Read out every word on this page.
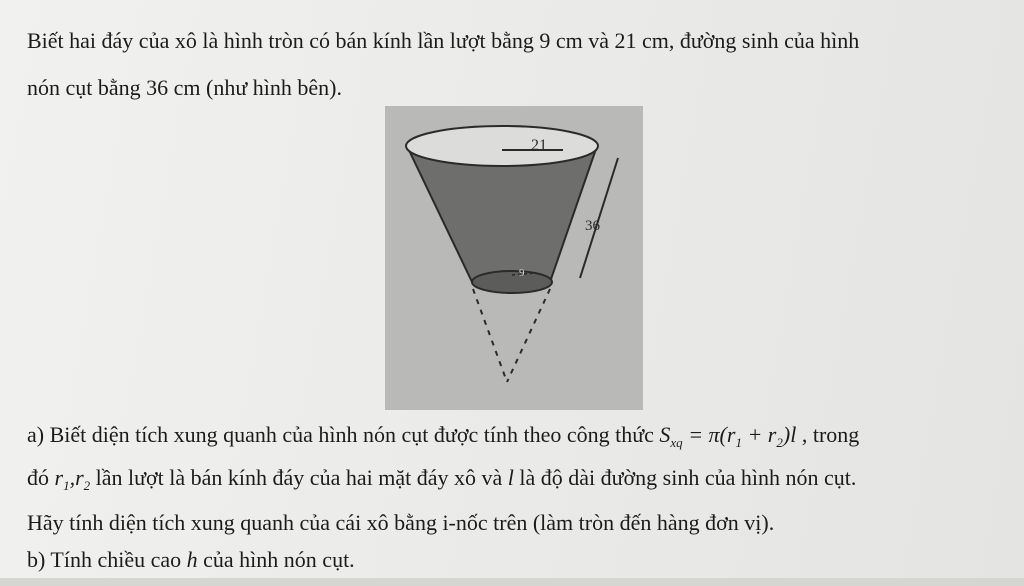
Biết hai đáy của xô là hình tròn có bán kính lần lượt bằng 9 cm và 21 cm, đường sinh của hình
nón cụt bằng 36 cm (như hình bên).
21
36
9
a) Biết diện tích xung quanh của hình nón cụt được tính theo công thức $S_{xq} = \pi(r_1 + r_2)l$ , trong
đó $r_1,r_2$ lần lượt là bán kính đáy của hai mặt đáy xô và l là độ dài đường sinh của hình nón cụt.
Hãy tính diện tích xung quanh của cái xô bằng i-nốc trên (làm tròn đến hàng đơn vị).
b) Tính chiều cao h của hình nón cụt.
